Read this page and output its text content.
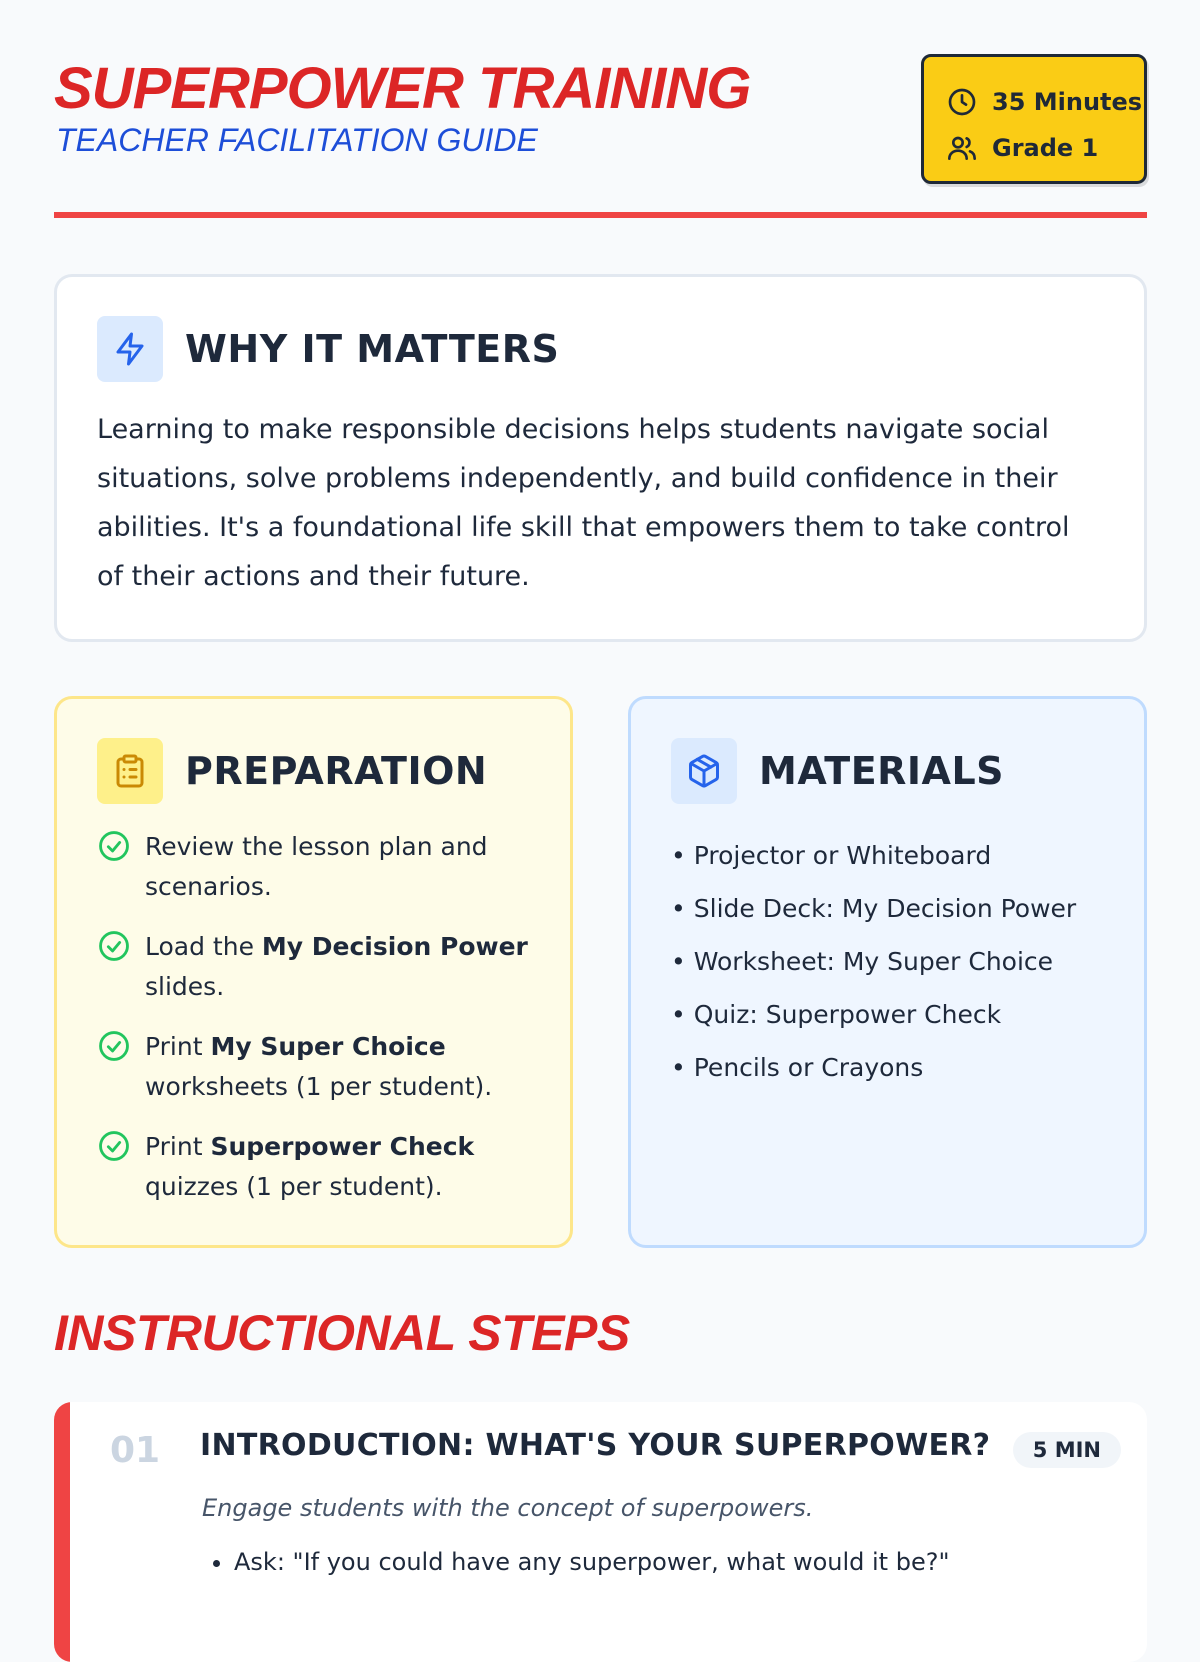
SUPERPOWER TRAINING
TEACHER FACILITATION GUIDE
35 Minutes
Grade 1
WHY IT MATTERS

Learning to make responsible decisions helps students navigate social situations, solve problems independently, and build confidence in their abilities. It's a foundational life skill that empowers them to take control of their actions and their future.

PREPARATION
Review the lesson plan and scenarios.
Load the My Decision Power slides.
Print My Super Choice worksheets (1 per student).
Print Superpower Check quizzes (1 per student).
MATERIALS
• Projector or Whiteboard
• Slide Deck: My Decision Power
• Worksheet: My Super Choice
• Quiz: Superpower Check
• Pencils or Crayons
INSTRUCTIONAL STEPS
01 INTRODUCTION: WHAT'S YOUR SUPERPOWER?	5 MIN
Engage students with the concept of superpowers.
• Ask: "If you could have any superpower, what would it be?"
